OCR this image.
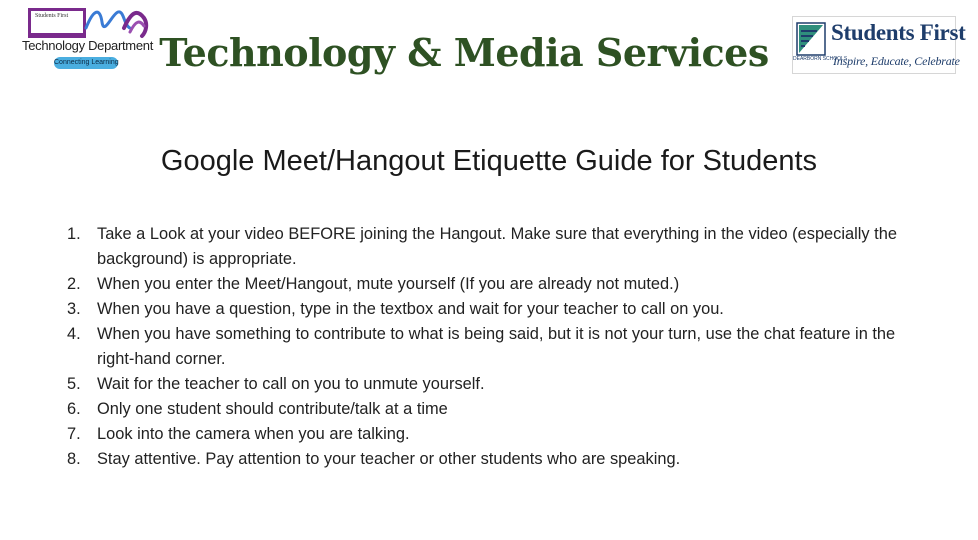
Students First
Technology Department
Connecting Learning	Technology & Media Services	DEARBORN SCHOOLS
Students First
Inspire, Educate, Celebrate
Google Meet/Hangout Etiquette Guide for Students
1. Take a Look at your video BEFORE joining the Hangout. Make sure that everything in the video (especially the background) is appropriate.
2. When you enter the Meet/Hangout, mute yourself (If you are already not muted.)
3. When you have a question, type in the textbox and wait for your teacher to call on you.
4. When you have something to contribute to what is being said, but it is not your turn, use the chat feature in the right-hand corner.
5. Wait for the teacher to call on you to unmute yourself.
6. Only one student should contribute/talk at a time
7. Look into the camera when you are talking.
8. Stay attentive. Pay attention to your teacher or other students who are speaking.
